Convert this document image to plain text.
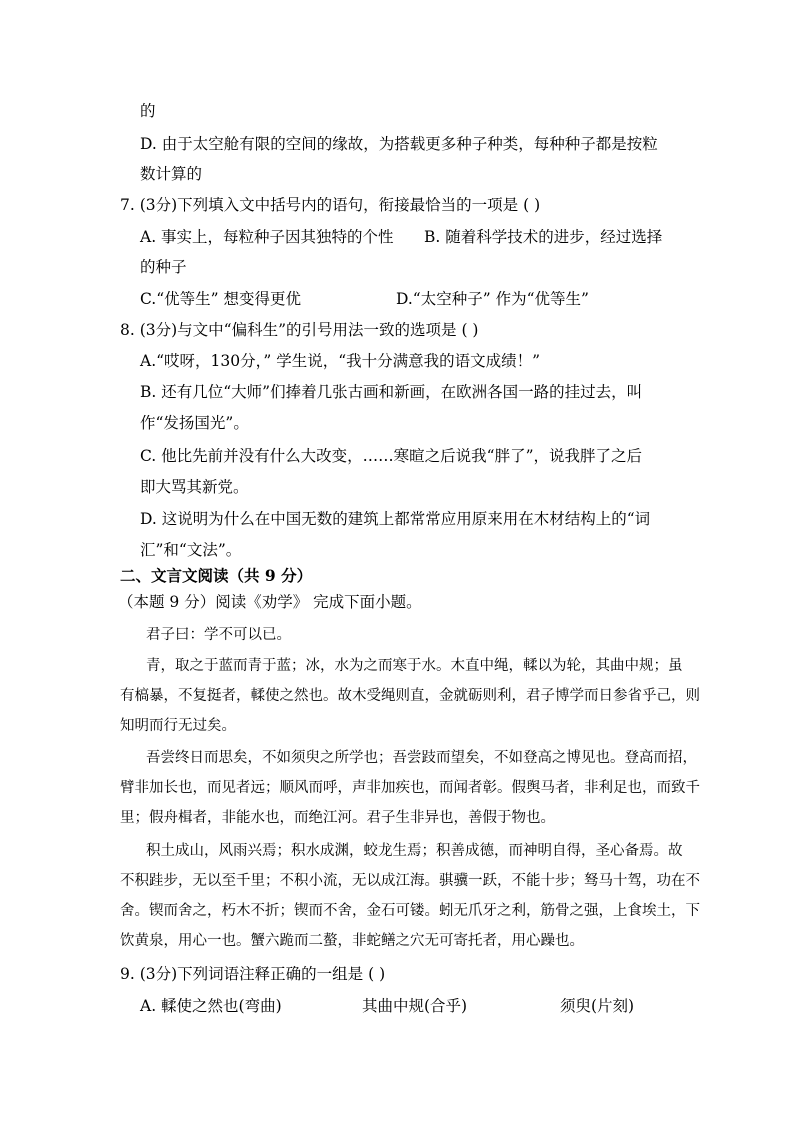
的
D. 由于太空舱有限的空间的缘故，为搭载更多种子种类，每种种子都是按粒
数计算的
7. (3分)下列填入文中括号内的语句，衔接最恰当的一项是 ( )
A. 事实上，每粒种子因其独特的个性 B. 随着科学技术的进步，经过选择
的种子
C.“优等生” 想变得更优	D.“太空种子” 作为“优等生”
8. (3分)与文中“偏科生”的引号用法一致的选项是 ( )
A.“哎呀，130分，” 学生说，“我十分满意我的语文成绩！”
B. 还有几位“大师”们捧着几张古画和新画，在欧洲各国一路的挂过去，叫
作“发扬国光”。
C. 他比先前并没有什么大改变，……寒暄之后说我“胖了”，说我胖了之后
即大骂其新党。
D. 这说明为什么在中国无数的建筑上都常常应用原来用在木材结构上的“词
汇”和“文法”。
二、文言文阅读（共 9 分）
（本题 9 分）阅读《劝学》 完成下面小题。
君子曰：学不可以已。
青，取之于蓝而青于蓝；冰，水为之而寒于水。木直中绳，輮以为轮，其曲中规；虽
有槁暴，不复挺者，輮使之然也。故木受绳则直，金就砺则利，君子博学而日参省乎己，则
知明而行无过矣。
吾尝终日而思矣，不如须臾之所学也；吾尝跂而望矣，不如登高之博见也。登高而招，
臂非加长也，而见者远；顺风而呼，声非加疾也，而闻者彰。假舆马者，非利足也，而致千
里；假舟楫者，非能水也，而绝江河。君子生非异也，善假于物也。
积土成山，风雨兴焉；积水成渊，蛟龙生焉；积善成德，而神明自得，圣心备焉。故
不积跬步，无以至千里；不积小流，无以成江海。骐骥一跃，不能十步；驽马十驾，功在不
舍。锲而舍之，朽木不折；锲而不舍，金石可镂。蚓无爪牙之利，筋骨之强，上食埃土，下
饮黄泉，用心一也。蟹六跪而二螯，非蛇鳝之穴无可寄托者，用心躁也。
9. (3分)下列词语注释正确的一组是 ( )
A. 輮使之然也(弯曲)	其曲中规(合乎)	须臾(片刻)
